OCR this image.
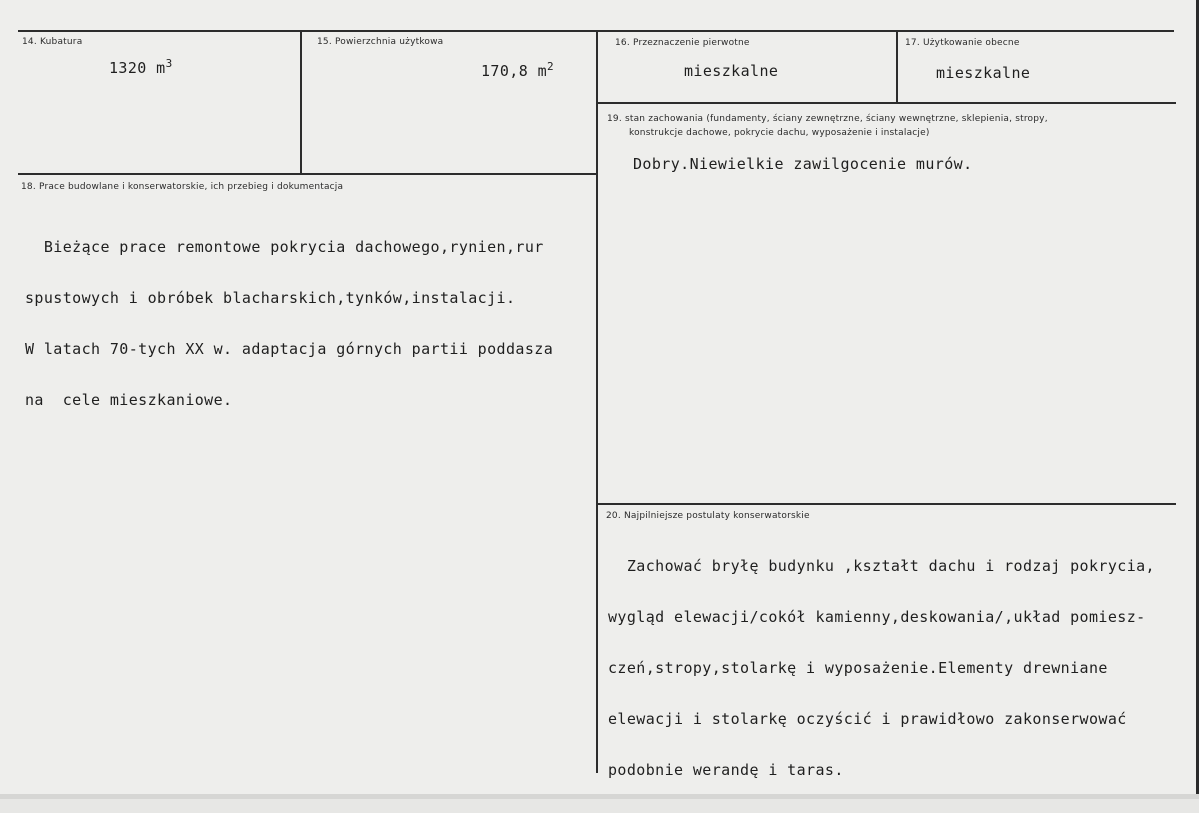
14. Kubatura
1320 $m^3$
15. Powierzchnia użytkowa
170,8 $m^2$
16. Przeznaczenie pierwotne
mieszkalne
17. Użytkowanie obecne
mieszkalne
18. Prace budowlane i konserwatorskie, ich przebieg i dokumentacja

Bieżące prace remontowe pokrycia dachowego,rynien,rur

spustowych i obróbek blacharskich,tynków,instalacji.

W latach 70-tych XX w. adaptacja górnych partii poddasza

na  cele mieszkaniowe.

19. stan zachowania (fundamenty, ściany zewnętrzne, ściany wewnętrzne, sklepienia, stropy,
konstrukcje dachowe, pokrycie dachu, wyposażenie i instalacje)
Dobry.Niewielkie zawilgocenie murów.
20. Najpilniejsze postulaty konserwatorskie

Zachować bryłę budynku ,kształt dachu i rodzaj pokrycia,

wygląd elewacji/cokół kamienny,deskowania/,układ pomiesz-

czeń,stropy,stolarkę i wyposażenie.Elementy drewniane

elewacji i stolarkę oczyścić i prawidłowo zakonserwować

podobnie werandę i taras.
